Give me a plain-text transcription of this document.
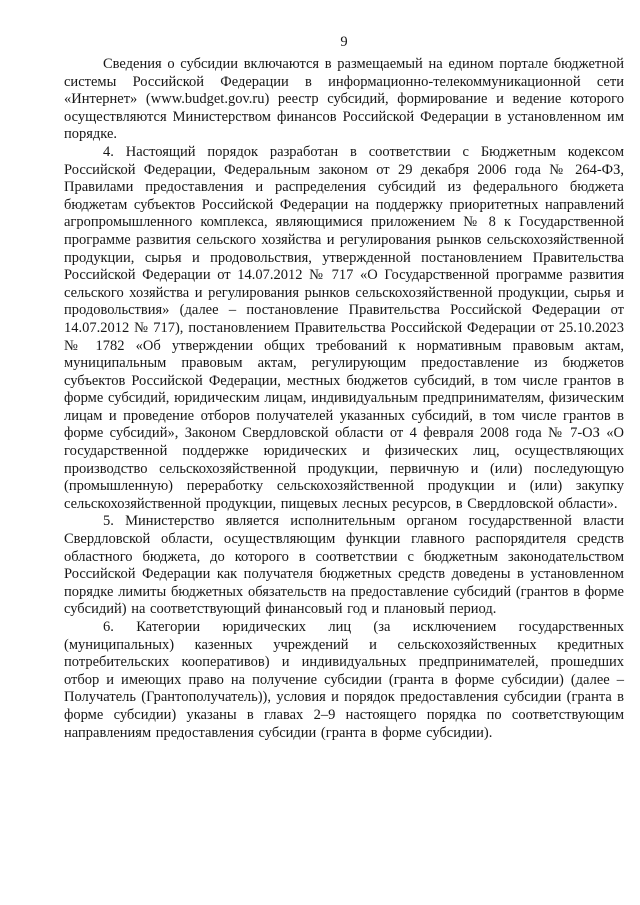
9

Сведения о субсидии включаются в размещаемый на едином портале бюджетной системы Российской Федерации в информационно-телекоммуникационной сети «Интернет» (www.budget.gov.ru) реестр субсидий, формирование и ведение которого осуществляются Министерством финансов Российской Федерации в установленном им порядке.

4. Настоящий порядок разработан в соответствии с Бюджетным кодексом Российской Федерации, Федеральным законом от 29 декабря 2006 года № 264-ФЗ, Правилами предоставления и распределения субсидий из федерального бюджета бюджетам субъектов Российской Федерации на поддержку приоритетных направлений агропромышленного комплекса, являющимися приложением № 8 к Государственной программе развития сельского хозяйства и регулирования рынков сельскохозяйственной продукции, сырья и продовольствия, утвержденной постановлением Правительства Российской Федерации от 14.07.2012 № 717 «О Государственной программе развития сельского хозяйства и регулирования рынков сельскохозяйственной продукции, сырья и продовольствия» (далее – постановление Правительства Российской Федерации от 14.07.2012 № 717), постановлением Правительства Российской Федерации от 25.10.2023 № 1782 «Об утверждении общих требований к нормативным правовым актам, муниципальным правовым актам, регулирующим предоставление из бюджетов субъектов Российской Федерации, местных бюджетов субсидий, в том числе грантов в форме субсидий, юридическим лицам, индивидуальным предпринимателям, физическим лицам и проведение отборов получателей указанных субсидий, в том числе грантов в форме субсидий», Законом Свердловской области от 4 февраля 2008 года № 7-ОЗ «О государственной поддержке юридических и физических лиц, осуществляющих производство сельскохозяйственной продукции, первичную и (или) последующую (промышленную) переработку сельскохозяйственной продукции и (или) закупку сельскохозяйственной продукции, пищевых лесных ресурсов, в Свердловской области».

5. Министерство является исполнительным органом государственной власти Свердловской области, осуществляющим функции главного распорядителя средств областного бюджета, до которого в соответствии с бюджетным законодательством Российской Федерации как получателя бюджетных средств доведены в установленном порядке лимиты бюджетных обязательств на предоставление субсидий (грантов в форме субсидий) на соответствующий финансовый год и плановый период.

6. Категории юридических лиц (за исключением государственных (муниципальных) казенных учреждений и сельскохозяйственных кредитных потребительских кооперативов) и индивидуальных предпринимателей, прошедших отбор и имеющих право на получение субсидии (гранта в форме субсидии) (далее – Получатель (Грантополучатель)), условия и порядок предоставления субсидии (гранта в форме субсидии) указаны в главах 2–9 настоящего порядка по соответствующим направлениям предоставления субсидии (гранта в форме субсидии).
